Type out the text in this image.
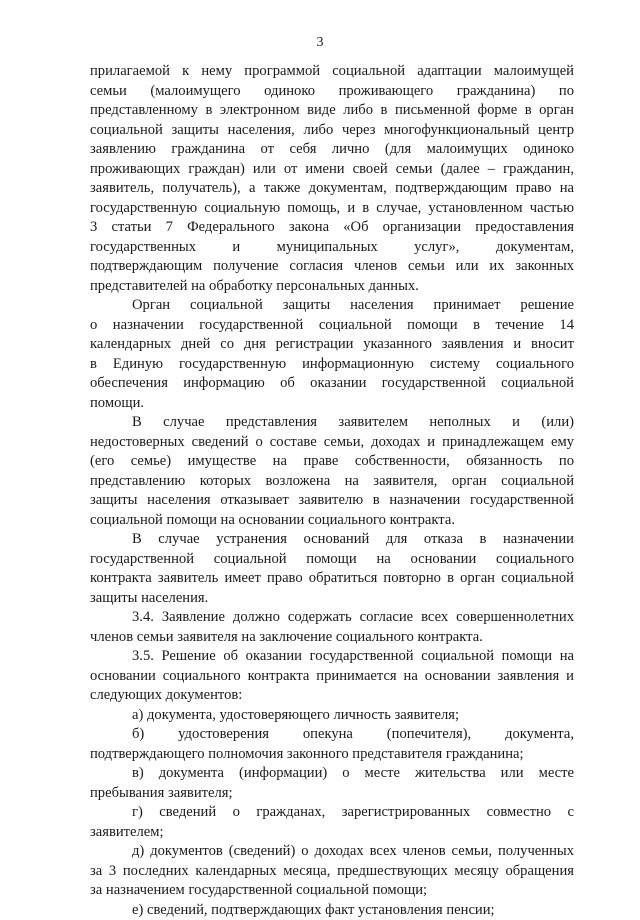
3
прилагаемой к нему программой социальной адаптации малоимущей
семьи (малоимущего одиноко проживающего гражданина) по
представленному в электронном виде либо в письменной форме в орган
социальной защиты населения, либо через многофункциональный центр
заявлению гражданина от себя лично (для малоимущих одиноко
проживающих граждан) или от имени своей семьи (далее – гражданин,
заявитель, получатель), а также документам, подтверждающим право на
государственную социальную помощь, и в случае, установленном частью
3 статьи 7 Федерального закона «Об организации предоставления
государственных и муниципальных услуг», документам,
подтверждающим получение согласия членов семьи или их законных
представителей на обработку персональных данных.
Орган социальной защиты населения принимает решение
о назначении государственной социальной помощи в течение 14
календарных дней со дня регистрации указанного заявления и вносит
в Единую государственную информационную систему социального
обеспечения информацию об оказании государственной социальной
помощи.
В случае представления заявителем неполных и (или)
недостоверных сведений о составе семьи, доходах и принадлежащем ему
(его семье) имуществе на праве собственности, обязанность по
представлению которых возложена на заявителя, орган социальной
защиты населения отказывает заявителю в назначении государственной
социальной помощи на основании социального контракта.
В случае устранения оснований для отказа в назначении
государственной социальной помощи на основании социального
контракта заявитель имеет право обратиться повторно в орган социальной
защиты населения.
3.4. Заявление должно содержать согласие всех совершеннолетних
членов семьи заявителя на заключение социального контракта.
3.5. Решение об оказании государственной социальной помощи на
основании социального контракта принимается на основании заявления и
следующих документов:
а) документа, удостоверяющего личность заявителя;
б) удостоверения опекуна (попечителя), документа,
подтверждающего полномочия законного представителя гражданина;
в) документа (информации) о месте жительства или месте
пребывания заявителя;
г) сведений о гражданах, зарегистрированных совместно с
заявителем;
д) документов (сведений) о доходах всех членов семьи, полученных
за 3 последних календарных месяца, предшествующих месяцу обращения
за назначением государственной социальной помощи;
е) сведений, подтверждающих факт установления пенсии;
